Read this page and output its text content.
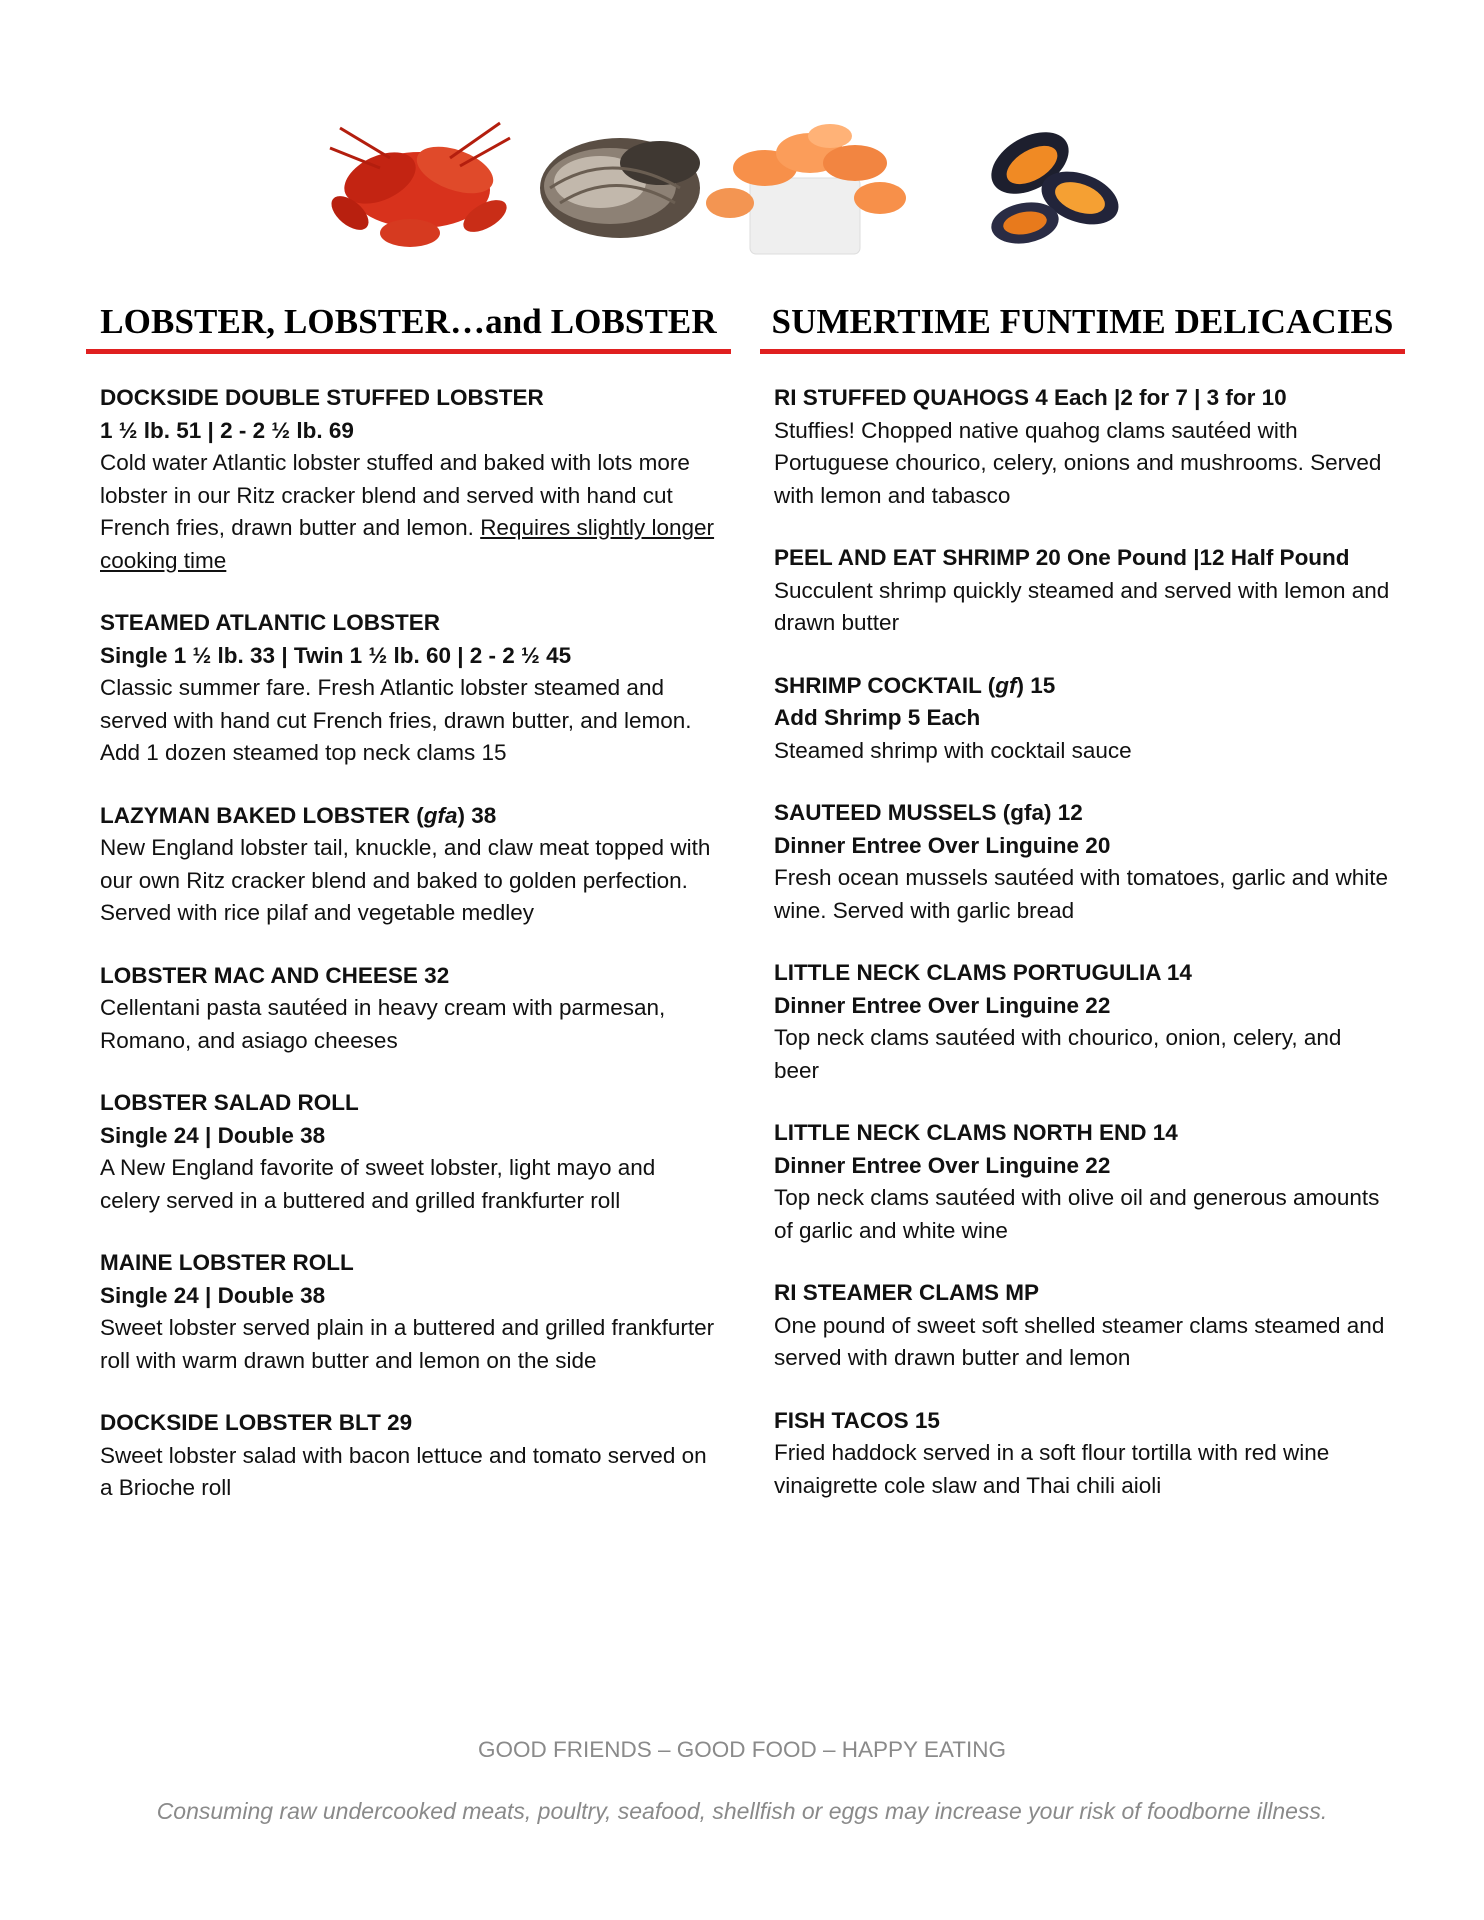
LOBSTER, LOBSTER…and LOBSTER
DOCKSIDE DOUBLE STUFFED LOBSTER
1 ½ lb. 51 | 2 - 2 ½ lb. 69
Cold water Atlantic lobster stuffed and baked with lots more lobster in our Ritz cracker blend and served with hand cut French fries, drawn butter and lemon. Requires slightly longer cooking time
STEAMED ATLANTIC LOBSTER
Single 1 ½ lb. 33 | Twin 1 ½ lb. 60 | 2 - 2 ½ 45
Classic summer fare. Fresh Atlantic lobster steamed and served with hand cut French fries, drawn butter, and lemon. Add 1 dozen steamed top neck clams 15
LAZYMAN BAKED LOBSTER (gfa) 38
New England lobster tail, knuckle, and claw meat topped with our own Ritz cracker blend and baked to golden perfection. Served with rice pilaf and vegetable medley
LOBSTER MAC AND CHEESE 32
Cellentani pasta sautéed in heavy cream with parmesan, Romano, and asiago cheeses
LOBSTER SALAD ROLL
Single 24 | Double 38
A New England favorite of sweet lobster, light mayo and celery served in a buttered and grilled frankfurter roll
MAINE LOBSTER ROLL
Single 24 | Double 38
Sweet lobster served plain in a buttered and grilled frankfurter roll with warm drawn butter and lemon on the side
DOCKSIDE LOBSTER BLT 29
Sweet lobster salad with bacon lettuce and tomato served on a Brioche roll
SUMERTIME FUNTIME DELICACIES
RI STUFFED QUAHOGS 4 Each |2 for 7 | 3 for 10
Stuffies! Chopped native quahog clams sautéed with Portuguese chourico, celery, onions and mushrooms. Served with lemon and tabasco
PEEL AND EAT SHRIMP 20 One Pound |12 Half Pound
Succulent shrimp quickly steamed and served with lemon and drawn butter
SHRIMP COCKTAIL (gf) 15
Add Shrimp 5 Each
Steamed shrimp with cocktail sauce
SAUTEED MUSSELS (gfa) 12
Dinner Entree Over Linguine 20
Fresh ocean mussels sautéed with tomatoes, garlic and white wine. Served with garlic bread
LITTLE NECK CLAMS PORTUGULIA 14
Dinner Entree Over Linguine 22
Top neck clams sautéed with chourico, onion, celery, and beer
LITTLE NECK CLAMS NORTH END 14
Dinner Entree Over Linguine 22
Top neck clams sautéed with olive oil and generous amounts of garlic and white wine
RI STEAMER CLAMS MP
One pound of sweet soft shelled steamer clams steamed and served with drawn butter and lemon
FISH TACOS 15
Fried haddock served in a soft flour tortilla with red wine vinaigrette cole slaw and Thai chili aioli
GOOD FRIENDS – GOOD FOOD – HAPPY EATING
Consuming raw undercooked meats, poultry, seafood, shellfish or eggs may increase your risk of foodborne illness.
